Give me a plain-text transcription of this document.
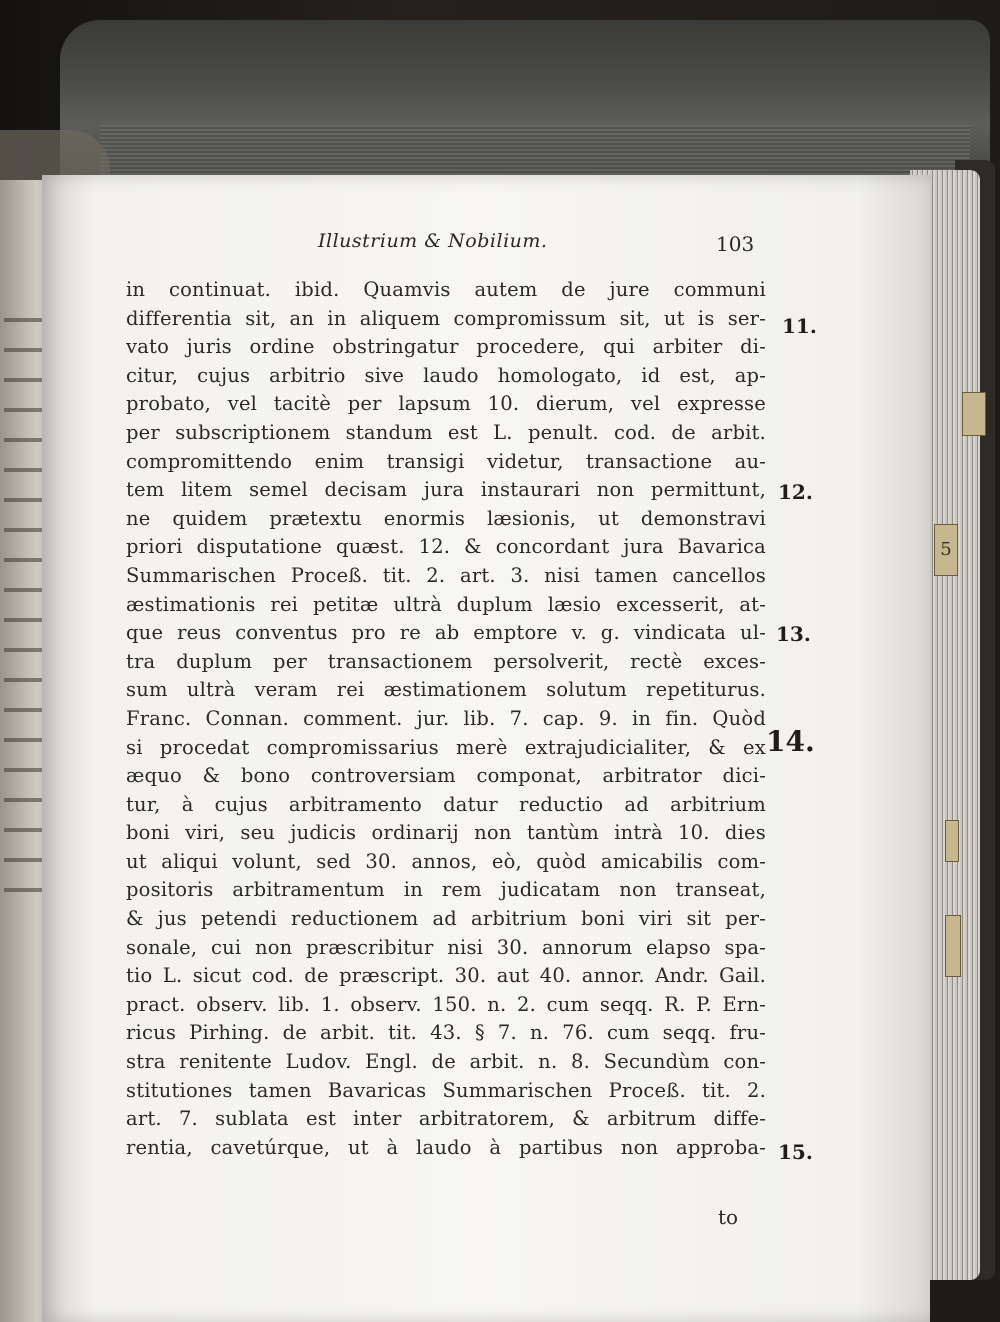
5
Illustrium & Nobilium.	103
in continuat. ibid. Quamvis autem de jure communi
differentia sit, an in aliquem compromissum sit, ut is ser-
vato juris ordine obstringatur procedere, qui arbiter di-
citur, cujus arbitrio sive laudo homologato, id est, ap-
probato, vel tacitè per lapsum 10. dierum, vel expresse
per subscriptionem standum est L. penult. cod. de arbit.
compromittendo enim transigi videtur, transactione au-
tem litem semel decisam jura instaurari non permittunt,
ne quidem prætextu enormis læsionis, ut demonstravi
priori disputatione quæst. 12. & concordant jura Bavarica
Summarischen Proceß. tit. 2. art. 3. nisi tamen cancellos
æstimationis rei petitæ ultrà duplum læsio excesserit, at-
que reus conventus pro re ab emptore v. g. vindicata ul-
tra duplum per transactionem persolverit, rectè exces-
sum ultrà veram rei æstimationem solutum repetiturus.
Franc. Connan. comment. jur. lib. 7. cap. 9. in fin. Quòd
si procedat compromissarius merè extrajudicialiter, & ex
æquo & bono controversiam componat, arbitrator dici-
tur, à cujus arbitramento datur reductio ad arbitrium
boni viri, seu judicis ordinarij non tantùm intrà 10. dies
ut aliqui volunt, sed 30. annos, eò, quòd amicabilis com-
positoris arbitramentum in rem judicatam non transeat,
& jus petendi reductionem ad arbitrium boni viri sit per-
sonale, cui non præscribitur nisi 30. annorum elapso spa-
tio L. sicut cod. de præscript. 30. aut 40. annor. Andr. Gail.
pract. observ. lib. 1. observ. 150. n. 2. cum seqq. R. P. Ern-
ricus Pirhing. de arbit. tit. 43. § 7. n. 76. cum seqq. fru-
stra renitente Ludov. Engl. de arbit. n. 8. Secundùm con-
stitutiones tamen Bavaricas Summarischen Proceß. tit. 2.
art. 7. sublata est inter arbitratorem, & arbitrum diffe-
rentia, cavetúrque, ut à laudo à partibus non approba-
to
11.
12.
13.
14.
15.
